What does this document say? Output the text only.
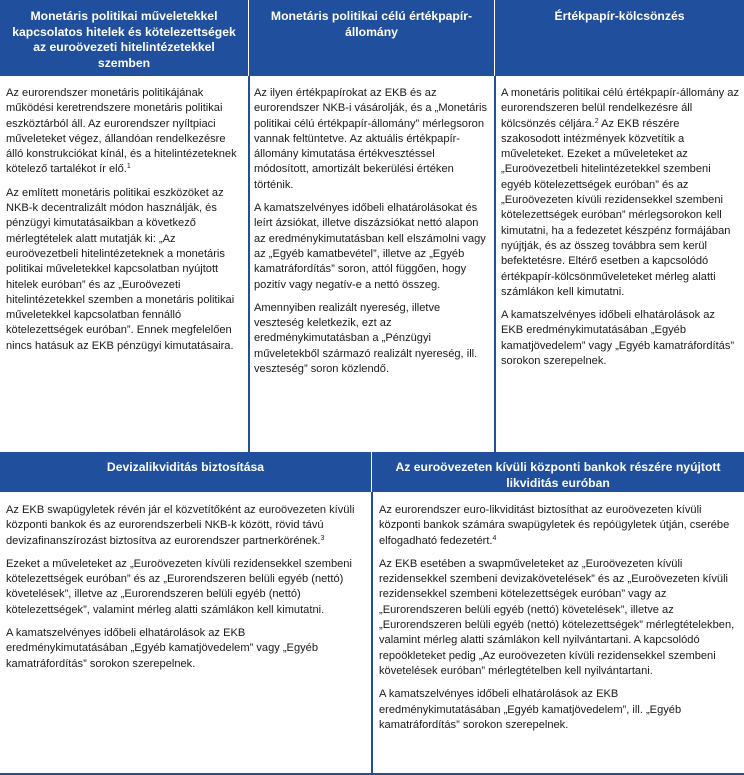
Monetáris politikai műveletekkel kapcsolatos hitelek és kötelezettségek az euroövezeti hitelintézetekkel szemben
Monetáris politikai célú értékpapír-állomány
Értékpapír-kölcsönzés

Az eurorendszer monetáris politikájának működési keretrendszere monetáris politikai eszköztárból áll. Az eurorendszer nyíltpiaci műveleteket végez, állandóan rendelkezésre álló konstrukciókat kínál, és a hitelintézeteknek kötelező tartalékot ír elő.$^1$

Az említett monetáris politikai eszközöket az NKB-k decentralizált módon használják, és pénzügyi kimutatásaikban a következő mérlegtételek alatt mutatják ki: „Az euroövezetbeli hitelintézeteknek a monetáris politikai műveletekkel kapcsolatban nyújtott hitelek euróban” és az „Euroövezeti hitelintézetekkel szemben a monetáris politikai műveletekkel kapcsolatban fennálló kötelezettségek euróban”. Ennek megfelelően nincs hatásuk az EKB pénzügyi kimutatásaira.

Az ilyen értékpapírokat az EKB és az eurorendszer NKB-i vásárolják, és a „Monetáris politikai célú értékpapír-állomány” mérlegsoron vannak feltüntetve. Az aktuális értékpapír-állomány kimutatása értékvesztéssel módosított, amortizált bekerülési értéken történik.

A kamatszelvényes időbeli elhatárolásokat és leírt ázsiókat, illetve diszázsiókat nettó alapon az eredménykimutatásban kell elszámolni vagy az „Egyéb kamatbevétel”, illetve az „Egyéb kamatráfordítás” soron, attól függően, hogy pozitív vagy negatív-e a nettó összeg.

Amennyiben realizált nyereség, illetve veszteség keletkezik, ezt az eredménykimutatásban a „Pénzügyi műveletekből származó realizált nyereség, ill. veszteség” soron közlendő.

A monetáris politikai célú értékpapír-állomány az eurorendszeren belül rendelkezésre áll kölcsönzés céljára.$^2$ Az EKB részére szakosodott intézmények közvetítik a műveleteket. Ezeket a műveleteket az „Euroövezetbeli hitelintézetekkel szembeni egyéb kötelezettségek euróban” és az „Euroövezeten kívüli rezidensekkel szembeni kötelezettségek euróban” mérlegsorokon kell kimutatni, ha a fedezetet készpénz formájában nyújtják, és az összeg továbbra sem kerül befektetésre. Eltérő esetben a kapcsolódó értékpapír-kölcsönműveleteket mérleg alatti számlákon kell kimutatni.

A kamatszelvényes időbeli elhatárolások az EKB eredménykimutatásában „Egyéb kamatjövedelem” vagy „Egyéb kamatráfordítás” sorokon szerepelnek.

Devizalikviditás biztosítása	Az euroövezeten kívüli központi bankok részére nyújtott likviditás euróban

Az EKB swapügyletek révén jár el közvetítőként az euroövezeten kívüli központi bankok és az eurorendszerbeli NKB-k között, rövid távú devizafinanszírozást biztosítva az eurorendszer partnerkörének.$^3$

Ezeket a műveleteket az „Euroövezeten kívüli rezidensekkel szembeni kötelezettségek euróban” és az „Eurorendszeren belüli egyéb (nettó) követelések”, illetve az „Eurorendszeren belüli egyéb (nettó) kötelezettségek”, valamint mérleg alatti számlákon kell kimutatni.

A kamatszelvényes időbeli elhatárolások az EKB eredménykimutatásában „Egyéb kamatjövedelem” vagy „Egyéb kamatráfordítás” sorokon szerepelnek.

Az eurorendszer euro-likviditást biztosíthat az euroövezeten kívüli központi bankok számára swapügyletek és repóügyletek útján, cserébe elfogadható fedezetért.$^4$

Az EKB esetében a swapműveleteket az „Euroövezeten kívüli rezidensekkel szembeni devizakövetelések” és az „Euroövezeten kívüli rezidensekkel szembeni kötelezettségek euróban” vagy az „Eurorendszeren belüli egyéb (nettó) követelések”, illetve az „Eurorendszeren belüli egyéb (nettó) kötelezettségek” mérlegtételekben, valamint mérleg alatti számlákon kell nyilvántartani. A kapcsolódó repoökleteket pedig „Az euroövezeten kívüli rezidensekkel szembeni követelések euróban” mérlegtételben kell nyilvántartani.

A kamatszelvényes időbeli elhatárolások az EKB eredménykimutatásában „Egyéb kamatjövedelem”, ill. „Egyéb kamatráfordítás” sorokon szerepelnek.
